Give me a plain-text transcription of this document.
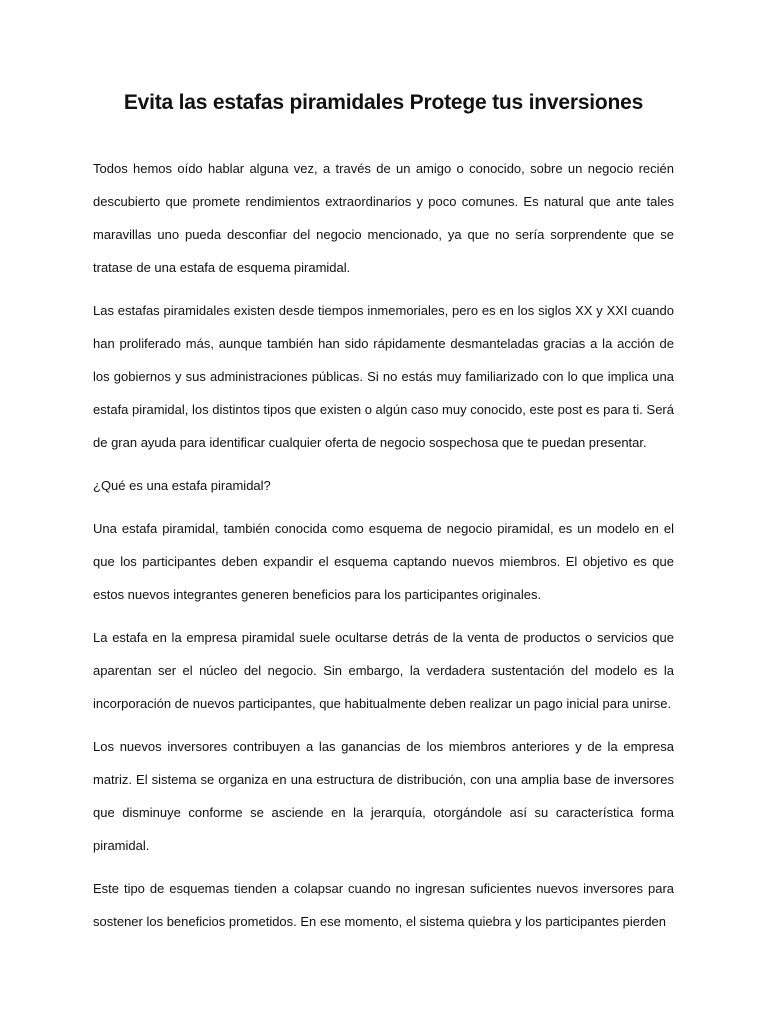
Evita las estafas piramidales Protege tus inversiones

Todos hemos oído hablar alguna vez, a través de un amigo o conocido, sobre un negocio recién descubierto que promete rendimientos extraordinarios y poco comunes. Es natural que ante tales maravillas uno pueda desconfiar del negocio mencionado, ya que no sería sorprendente que se tratase de una estafa de esquema piramidal.

Las estafas piramidales existen desde tiempos inmemoriales, pero es en los siglos XX y XXI cuando han proliferado más, aunque también han sido rápidamente desmanteladas gracias a la acción de los gobiernos y sus administraciones públicas. Si no estás muy familiarizado con lo que implica una estafa piramidal, los distintos tipos que existen o algún caso muy conocido, este post es para ti. Será de gran ayuda para identificar cualquier oferta de negocio sospechosa que te puedan presentar.

¿Qué es una estafa piramidal?

Una estafa piramidal, también conocida como esquema de negocio piramidal, es un modelo en el que los participantes deben expandir el esquema captando nuevos miembros. El objetivo es que estos nuevos integrantes generen beneficios para los participantes originales.

La estafa en la empresa piramidal suele ocultarse detrás de la venta de productos o servicios que aparentan ser el núcleo del negocio. Sin embargo, la verdadera sustentación del modelo es la incorporación de nuevos participantes, que habitualmente deben realizar un pago inicial para unirse.

Los nuevos inversores contribuyen a las ganancias de los miembros anteriores y de la empresa matriz. El sistema se organiza en una estructura de distribución, con una amplia base de inversores que disminuye conforme se asciende en la jerarquía, otorgándole así su característica forma piramidal.

Este tipo de esquemas tienden a colapsar cuando no ingresan suficientes nuevos inversores para sostener los beneficios prometidos. En ese momento, el sistema quiebra y los participantes pierden
